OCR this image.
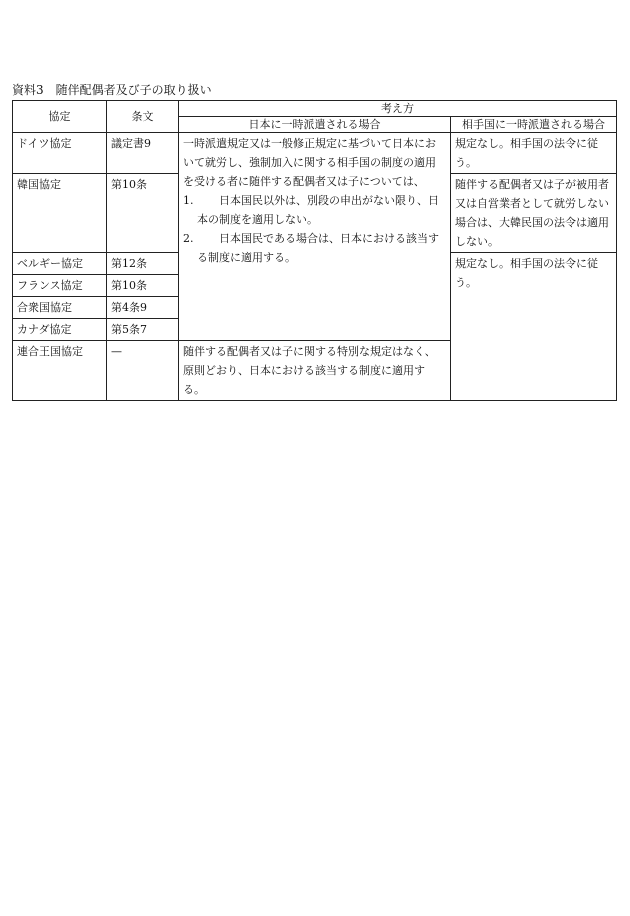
資料3　随伴配偶者及び子の取り扱い
協定	条文	考え方	
		日本に一時派遣される場合	相手国に一時派遣される場合
ドイツ協定	議定書9	一時派遣規定又は一般修正規定に基づいて日本において就労し、強制加入に関する相手国の制度の適用を受ける者に随伴する配偶者又は子については、
1. 日本国民以外は、別段の申出がない限り、日本の制度を適用しない。
2. 日本国民である場合は、日本における該当する制度に適用する。	規定なし。相手国の法令に従う。
韓国協定	第10条		随伴する配偶者又は子が被用者又は自営業者として就労しない場合は、大韓民国の法令は適用しない。
ベルギー協定	第12条		規定なし。相手国の法令に従う。
フランス協定	第10条		
合衆国協定	第4条9		
カナダ協定	第5条7		
連合王国協定	—	随伴する配偶者又は子に関する特別な規定はなく、原則どおり、日本における該当する制度に適用する。	
